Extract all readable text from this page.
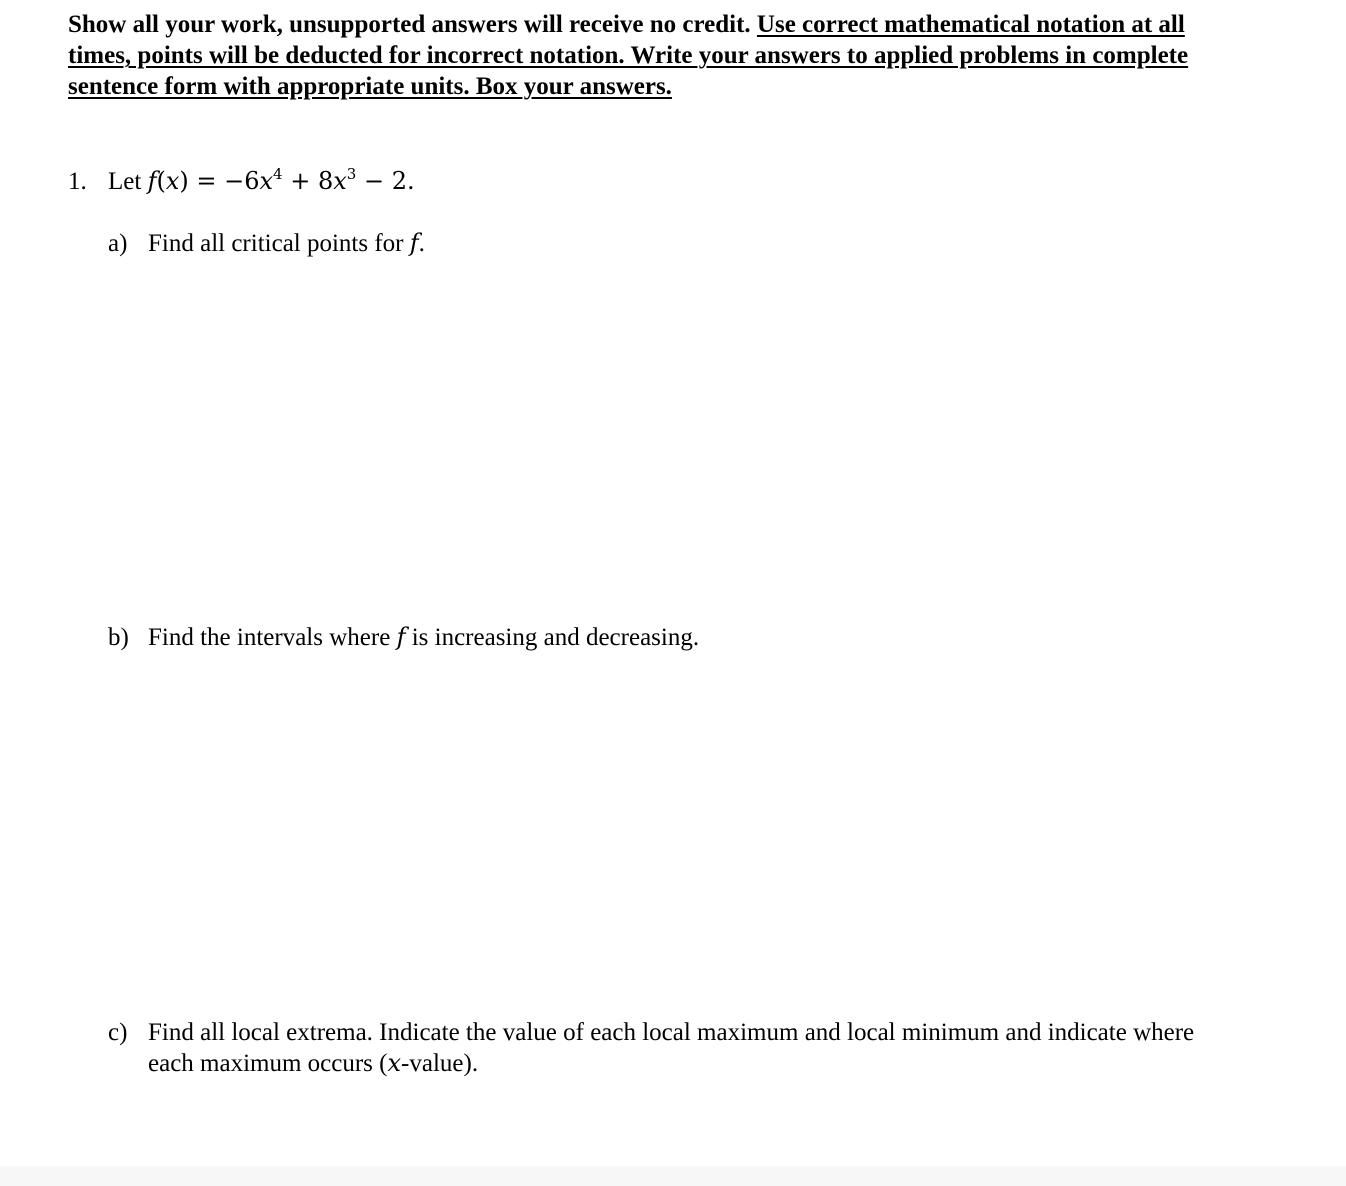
Show all your work, unsupported answers will receive no credit. Use correct mathematical notation at all
times, points will be deducted for incorrect notation. Write your answers to applied problems in complete
sentence form with appropriate units. Box your answers.
1. Let $f(x) = -6x^4 + 8x^3 - 2$.
a) Find all critical points for f.
b) Find the intervals where f is increasing and decreasing.
c) Find all local extrema. Indicate the value of each local maximum and local minimum and indicate where
each maximum occurs (x-value).
